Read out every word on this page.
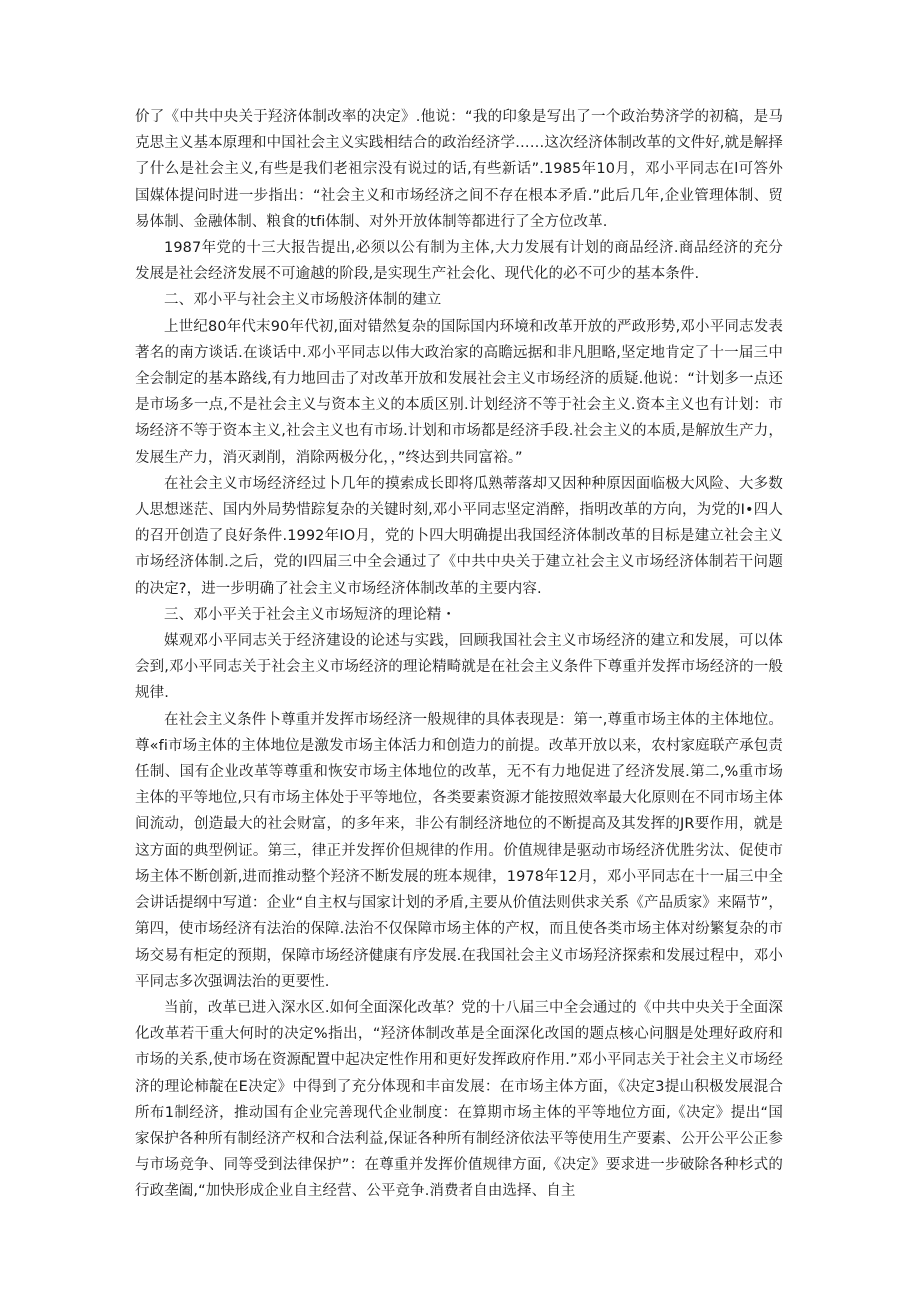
价了《中共中央关于羟济体制改率的决定》.他说：“我的印象是写出了一个政治势济学的初稿，是马克思主义基本原理和中国社会主义实践相结合的政治经济学……这次经济体制改革的文件好,就是解择了什么是社会主义,有些是我们老祖宗没有说过的话,有些新话”.1985年10月，邓小平同志在l可答外国媒体提问时进一步指出：“社会主义和市场经济之间不存在根本矛盾.”此后几年,企业管理体制、贸易体制、金融体制、粮食的tfi体制、对外开放体制等都进行了全方位改革.

1987年党的十三大报告提出,必须以公有制为主体,大力发展有计划的商品经济.商品经济的充分发展是社会经济发展不可逾越的阶段,是实现生产社会化、现代化的必不可少的基本条件.

二、邓小平与社会主义市场般济体制的建立

上世纪80年代末90年代初,面对错然复杂的国际国内环境和改革开放的严政形势,邓小平同志发表著名的南方谈话.在谈话中.邓小平同志以伟大政治家的高瞻远据和非凡胆略,坚定地肯定了十一届三中全会制定的基本路线,有力地回击了对改革开放和发展社会主义市场经济的质疑.他说：“计划多一点还是市场多一点,不是社会主义与资本主义的本质区别.计划经济不等于社会主义.资本主义也有计划：市场经济不等于资本主义,社会主义也有市场.计划和市场都是经济手段.社会主义的本质,是解放生产力，发展生产力，消灭剥削，消除两极分化，，”终达到共同富裕。”

在社会主义市场经济经过卜几年的摸索成长即将瓜熟蒂落却又因种种原因面临极大风险、大多数人思想迷茫、国内外局势惜踪复杂的关键时刻,邓小平同志坚定消醉，指明改革的方向，为党的I•四人的召开创造了良好条件.1992年IO月，党的卜四大明确提出我国经济体制改革的目标是建立社会主义市场经济体制.之后，党的I四届三中全会通过了《中共中央关于建立社会主义市场经济体制若干问题的决定?，进一步明确了社会主义市场经济体制改革的主要内容.

三、邓小平关于社会主义市场短济的理论精・

媒观邓小平同志关于经济建设的论述与实践，回顾我国社会主义市场经济的建立和发展，可以体会到,邓小平同志关于社会主义市场经济的理论精畸就是在社会主义条件下尊重并发挥市场经济的一般规律.

在社会主义条件卜尊重并发挥市场经济一般规律的具体表现是：第一,尊重市场主体的主体地位。尊«fi市场主体的主体地位是激发市场主体活力和创造力的前提。改革开放以来，农村家庭联产承包责任制、国有企业改革等尊重和恢安市场主体地位的改革，无不有力地促进了经济发展.第二,%重市场主体的平等地位,只有市场主体处于平等地位，各类要素资源才能按照效率最大化原则在不同市场主体间流动，创造最大的社会财富，的多年来，非公有制经济地位的不断提高及其发挥的JR要作用，就是这方面的典型例证。第三，律正并发挥价但规律的作用。价值规律是驱动市场经济优胜劣汰、促使市场主体不断创新,进而推动整个羟济不断发展的班本规律，1978年12月，邓小平同志在十一届三中全会讲话提纲中写道：企业“自主权与国家计划的矛盾,主要从价值法则供求关系《产品质家》来隔节”，第四，使市场经济有法治的保障.法治不仅保障市场主体的产权，而且使各类市场主体对纷繁复杂的市场交易有柜定的预期，保障市场经济健康有序发展.在我国社会主义市场羟济探索和发展过程中，邓小平同志多次强调法治的更要性.

当前，改革已进入深水区.如何全面深化改革？党的十八届三中全会通过的《中共中央关于全面深化改革若干重大何时的决定%指出，“羟济体制改革是全面深化改国的题点核心问胭是处理好政府和市场的关系,使市场在资源配置中起决定性作用和更好发挥政府作用.”邓小平同志关于社会主义市场经济的理论柿靛在E决定》中得到了充分体现和丰亩发展：在市场主体方面，《决定3提山积极发展混合所布1制经济，推动国有企业完善现代企业制度：在算期市场主体的平等地位方面,《决定》提出“国家保护各种所有制经济产权和合法利益,保证各种所有制经济依法平等使用生产要素、公开公平公正参与市场竞争、同等受到法律保护”：在尊重并发挥价值规律方面,《决定》要求进一步破除各种杉式的行政垄阖,“加快形成企业自主经营、公平竞争.消费者自由选择、自主
